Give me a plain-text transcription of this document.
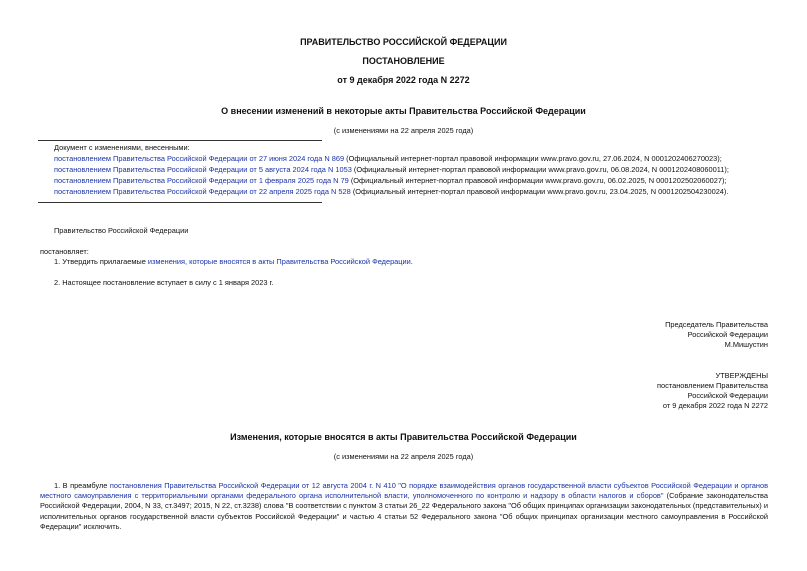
ПРАВИТЕЛЬСТВО РОССИЙСКОЙ ФЕДЕРАЦИИ
ПОСТАНОВЛЕНИЕ
от 9 декабря 2022 года N 2272
О внесении изменений в некоторые акты Правительства Российской Федерации
(с изменениями на 22 апреля 2025 года)
Документ с изменениями, внесенными:
постановлением Правительства Российской Федерации от 27 июня 2024 года N 869 (Официальный интернет-портал правовой информации www.pravo.gov.ru, 27.06.2024, N 0001202406270023);
постановлением Правительства Российской Федерации от 5 августа 2024 года N 1053 (Официальный интернет-портал правовой информации www.pravo.gov.ru, 06.08.2024, N 0001202408060011);
постановлением Правительства Российской Федерации от 1 февраля 2025 года N 79 (Официальный интернет-портал правовой информации www.pravo.gov.ru, 06.02.2025, N 0001202502060027);
постановлением Правительства Российской Федерации от 22 апреля 2025 года N 528 (Официальный интернет-портал правовой информации www.pravo.gov.ru, 23.04.2025, N 0001202504230024).
Правительство Российской Федерации
постановляет:
1. Утвердить прилагаемые изменения, которые вносятся в акты Правительства Российской Федерации.
2. Настоящее постановление вступает в силу с 1 января 2023 г.
Председатель Правительства
Российской Федерации
М.Мишустин
УТВЕРЖДЕНЫ
постановлением Правительства
Российской Федерации
от 9 декабря 2022 года N 2272
Изменения, которые вносятся в акты Правительства Российской Федерации
(с изменениями на 22 апреля 2025 года)
1. В преамбуле постановления Правительства Российской Федерации от 12 августа 2004 г. N 410 "О порядке взаимодействия органов государственной власти субъектов Российской Федерации и органов местного самоуправления с территориальными органами федерального органа исполнительной власти, уполномоченного по контролю и надзору в области налогов и сборов" (Собрание законодательства Российской Федерации, 2004, N 33, ст.3497; 2015, N 22, ст.3238) слова "В соответствии с пунктом 3 статьи 26_22 Федерального закона "Об общих принципах организации законодательных (представительных) и исполнительных органов государственной власти субъектов Российской Федерации" и частью 4 статьи 52 Федерального закона "Об общих принципах организации местного самоуправления в Российской Федерации" исключить.
